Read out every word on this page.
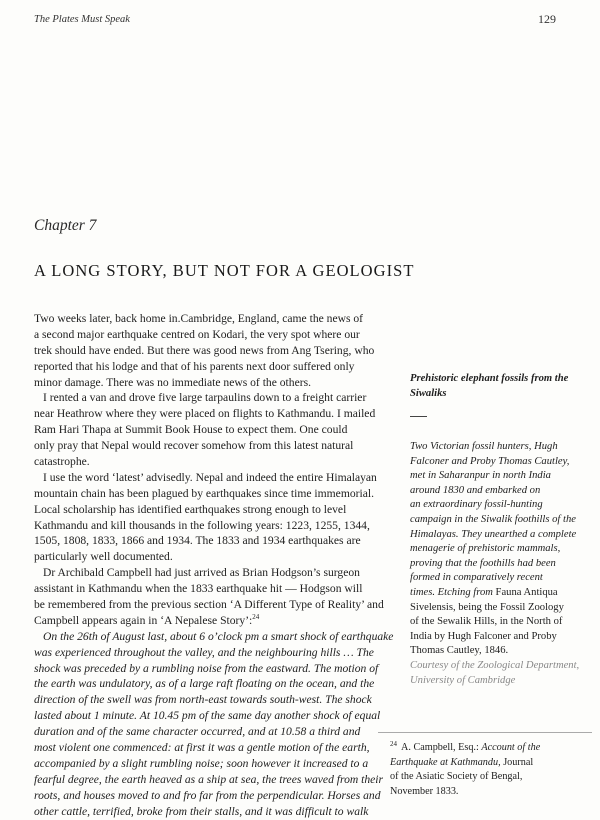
The Plates Must Speak	129
Chapter 7
A LONG STORY, BUT NOT FOR A GEOLOGIST
Two weeks later, back home in.Cambridge, England, came the news of
a second major earthquake centred on Kodari, the very spot where our
trek should have ended. But there was good news from Ang Tsering, who
reported that his lodge and that of his parents next door suffered only
minor damage. There was no immediate news of the others.
I rented a van and drove five large tarpaulins down to a freight carrier
near Heathrow where they were placed on flights to Kathmandu. I mailed
Ram Hari Thapa at Summit Book House to expect them. One could
only pray that Nepal would recover somehow from this latest natural
catastrophe.
I use the word ‘latest’ advisedly. Nepal and indeed the entire Himalayan
mountain chain has been plagued by earthquakes since time immemorial.
Local scholarship has identified earthquakes strong enough to level
Kathmandu and kill thousands in the following years: 1223, 1255, 1344,
1505, 1808, 1833, 1866 and 1934. The 1833 and 1934 earthquakes are
particularly well documented.
Dr Archibald Campbell had just arrived as Brian Hodgson’s surgeon
assistant in Kathmandu when the 1833 earthquake hit — Hodgson will
be remembered from the previous section ‘A Different Type of Reality’ and
Campbell appears again in ‘A Nepalese Story’:$^{24}$
On the 26th of August last, about 6 o’clock pm a smart shock of earthquake
was experienced throughout the valley, and the neighbouring hills … The
shock was preceded by a rumbling noise from the eastward. The motion of
the earth was undulatory, as of a large raft floating on the ocean, and the
direction of the swell was from north-east towards south-west. The shock
lasted about 1 minute. At 10.45 pm of the same day another shock of equal
duration and of the same character occurred, and at 10.58 a third and
most violent one commenced: at first it was a gentle motion of the earth,
accompanied by a slight rumbling noise; soon however it increased to a
fearful degree, the earth heaved as a ship at sea, the trees waved from their
roots, and houses moved to and fro far from the perpendicular. Horses and
other cattle, terrified, broke from their stalls, and it was difficult to walk
Prehistoric elephant fossils from the
Siwaliks
Two Victorian fossil hunters, Hugh
Falconer and Proby Thomas Cautley,
met in Saharanpur in north India
around 1830 and embarked on
an extraordinary fossil-hunting
campaign in the Siwalik foothills of the
Himalayas. They unearthed a complete
menagerie of prehistoric mammals,
proving that the foothills had been
formed in comparatively recent
times. Etching from Fauna Antiqua
Sivelensis, being the Fossil Zoology
of the Sewalik Hills, in the North of
India by Hugh Falconer and Proby
Thomas Cautley, 1846.
Courtesy of the Zoological Department,
University of Cambridge
$^{24}$ A. Campbell, Esq.: Account of the
Earthquake at Kathmandu, Journal
of the Asiatic Society of Bengal,
November 1833.
